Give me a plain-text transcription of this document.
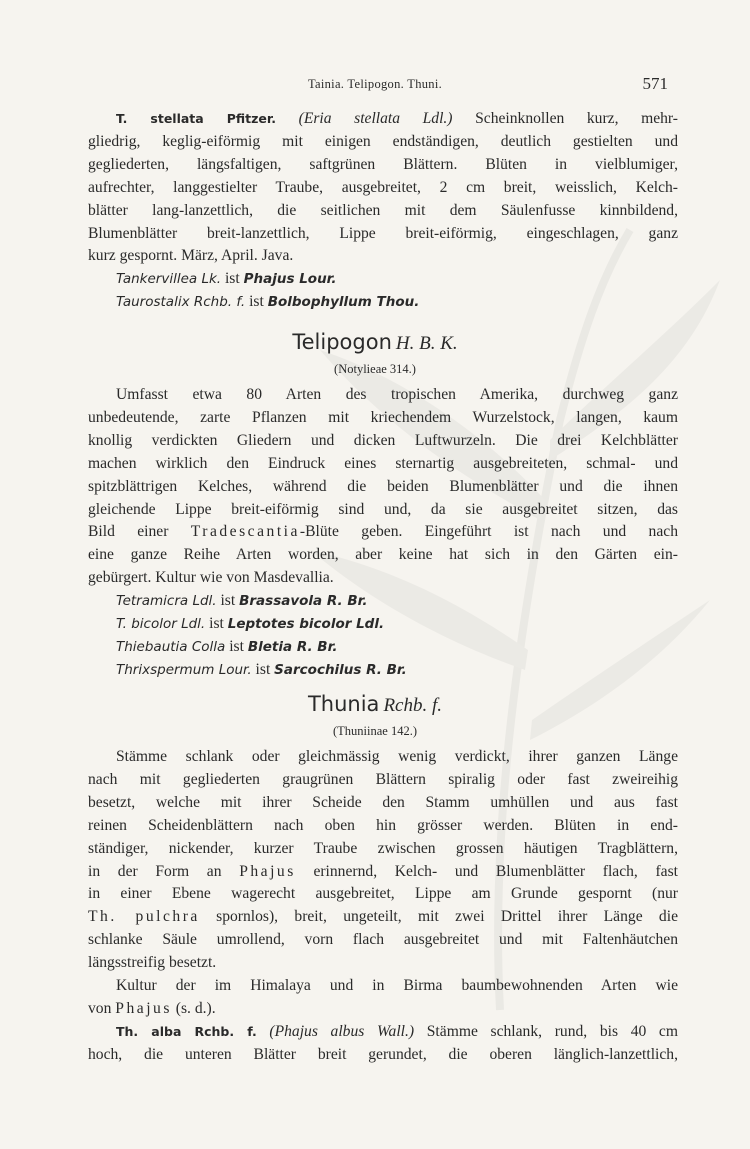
Tainia. Telipogon. Thuni.	571
T. stellata Pfitzer. (Eria stellata Ldl.) Scheinknollen kurz, mehr-
gliedrig, keglig-eiförmig mit einigen endständigen, deutlich gestielten und
gegliederten, längsfaltigen, saftgrünen Blättern. Blüten in vielblumiger,
aufrechter, langgestielter Traube, ausgebreitet, 2 cm breit, weisslich, Kelch-
blätter lang-lanzettlich, die seitlichen mit dem Säulenfusse kinnbildend,
Blumenblätter breit-lanzettlich, Lippe breit-eiförmig, eingeschlagen, ganz
kurz gespornt. März, April. Java.
Tankervillea Lk. ist Phajus Lour.
Taurostalix Rchb. f. ist Bolbophyllum Thou.
Telipogon H. B. K.
(Notylieae 314.)
Umfasst etwa 80 Arten des tropischen Amerika, durchweg ganz
unbedeutende, zarte Pflanzen mit kriechendem Wurzelstock, langen, kaum
knollig verdickten Gliedern und dicken Luftwurzeln. Die drei Kelchblätter
machen wirklich den Eindruck eines sternartig ausgebreiteten, schmal- und
spitzblättrigen Kelches, während die beiden Blumenblätter und die ihnen
gleichende Lippe breit-eiförmig sind und, da sie ausgebreitet sitzen, das
Bild einer Tradescantia-Blüte geben. Eingeführt ist nach und nach
eine ganze Reihe Arten worden, aber keine hat sich in den Gärten ein-
gebürgert. Kultur wie von Masdevallia.
Tetramicra Ldl. ist Brassavola R. Br.
T. bicolor Ldl. ist Leptotes bicolor Ldl.
Thiebautia Colla ist Bletia R. Br.
Thrixspermum Lour. ist Sarcochilus R. Br.
Thunia Rchb. f.
(Thuniinae 142.)
Stämme schlank oder gleichmässig wenig verdickt, ihrer ganzen Länge
nach mit gegliederten graugrünen Blättern spiralig oder fast zweireihig
besetzt, welche mit ihrer Scheide den Stamm umhüllen und aus fast
reinen Scheidenblättern nach oben hin grösser werden. Blüten in end-
ständiger, nickender, kurzer Traube zwischen grossen häutigen Tragblättern,
in der Form an Phajus erinnernd, Kelch- und Blumenblätter flach, fast
in einer Ebene wagerecht ausgebreitet, Lippe am Grunde gespornt (nur
Th. pulchra spornlos), breit, ungeteilt, mit zwei Drittel ihrer Länge die
schlanke Säule umrollend, vorn flach ausgebreitet und mit Faltenhäutchen
längsstreifig besetzt.
Kultur der im Himalaya und in Birma baumbewohnenden Arten wie
von Phajus (s. d.).
Th. alba Rchb. f. (Phajus albus Wall.) Stämme schlank, rund, bis 40 cm
hoch, die unteren Blätter breit gerundet, die oberen länglich-lanzettlich,
